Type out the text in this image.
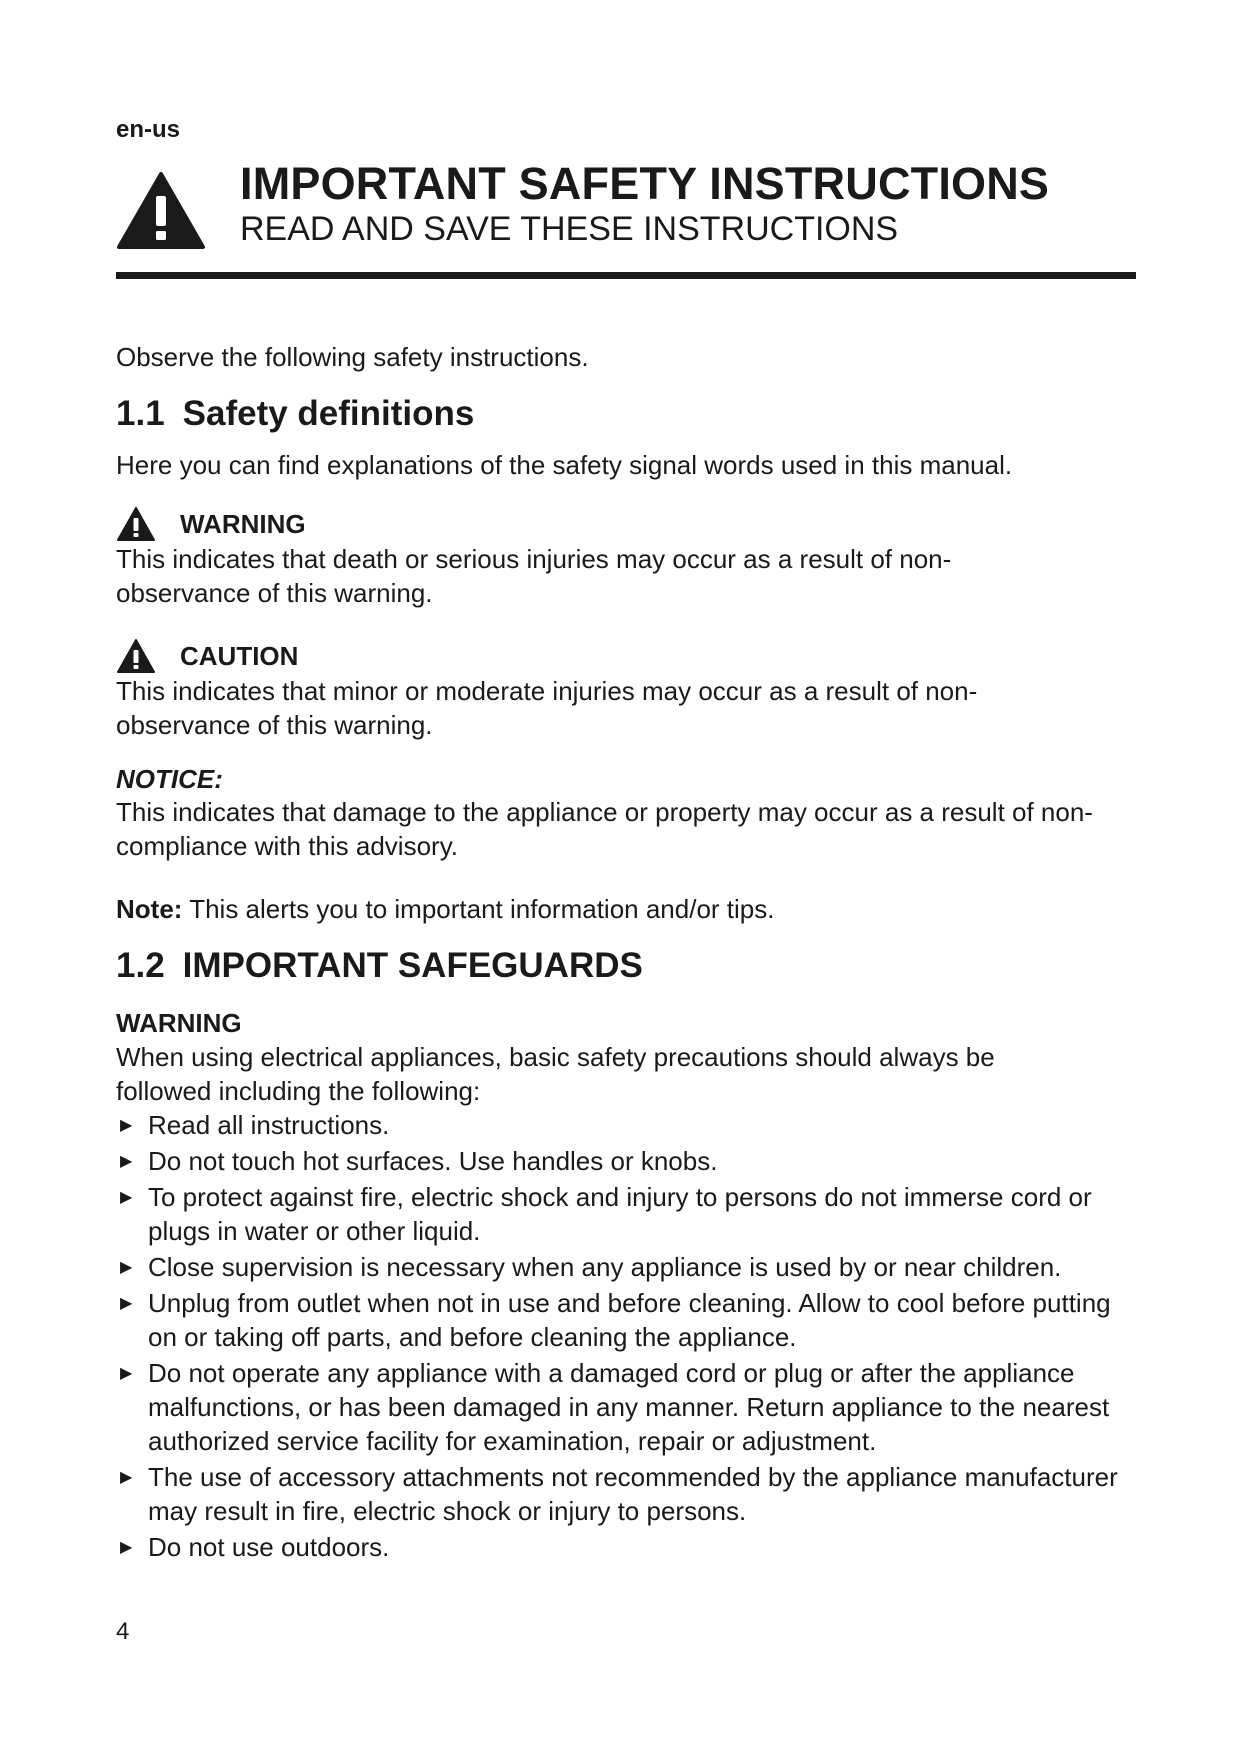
en-us
IMPORTANT SAFETY INSTRUCTIONS
READ AND SAVE THESE INSTRUCTIONS
Observe the following safety instructions.
1.1 Safety definitions
Here you can find explanations of the safety signal words used in this manual.
WARNING
This indicates that death or serious injuries may occur as a result of non-observance of this warning.
CAUTION
This indicates that minor or moderate injuries may occur as a result of non-observance of this warning.
NOTICE:
This indicates that damage to the appliance or property may occur as a result of non-compliance with this advisory.
Note: This alerts you to important information and/or tips.
1.2 IMPORTANT SAFEGUARDS
WARNING
When using electrical appliances, basic safety precautions should always be followed including the following:
▶ Read all instructions.
▶ Do not touch hot surfaces. Use handles or knobs.
▶ To protect against fire, electric shock and injury to persons do not immerse cord or plugs in water or other liquid.
▶ Close supervision is necessary when any appliance is used by or near children.
▶ Unplug from outlet when not in use and before cleaning. Allow to cool before putting on or taking off parts, and before cleaning the appliance.
▶ Do not operate any appliance with a damaged cord or plug or after the appliance malfunctions, or has been damaged in any manner. Return appliance to the nearest authorized service facility for examination, repair or adjustment.
▶ The use of accessory attachments not recommended by the appliance manufacturer may result in fire, electric shock or injury to persons.
▶ Do not use outdoors.
4
